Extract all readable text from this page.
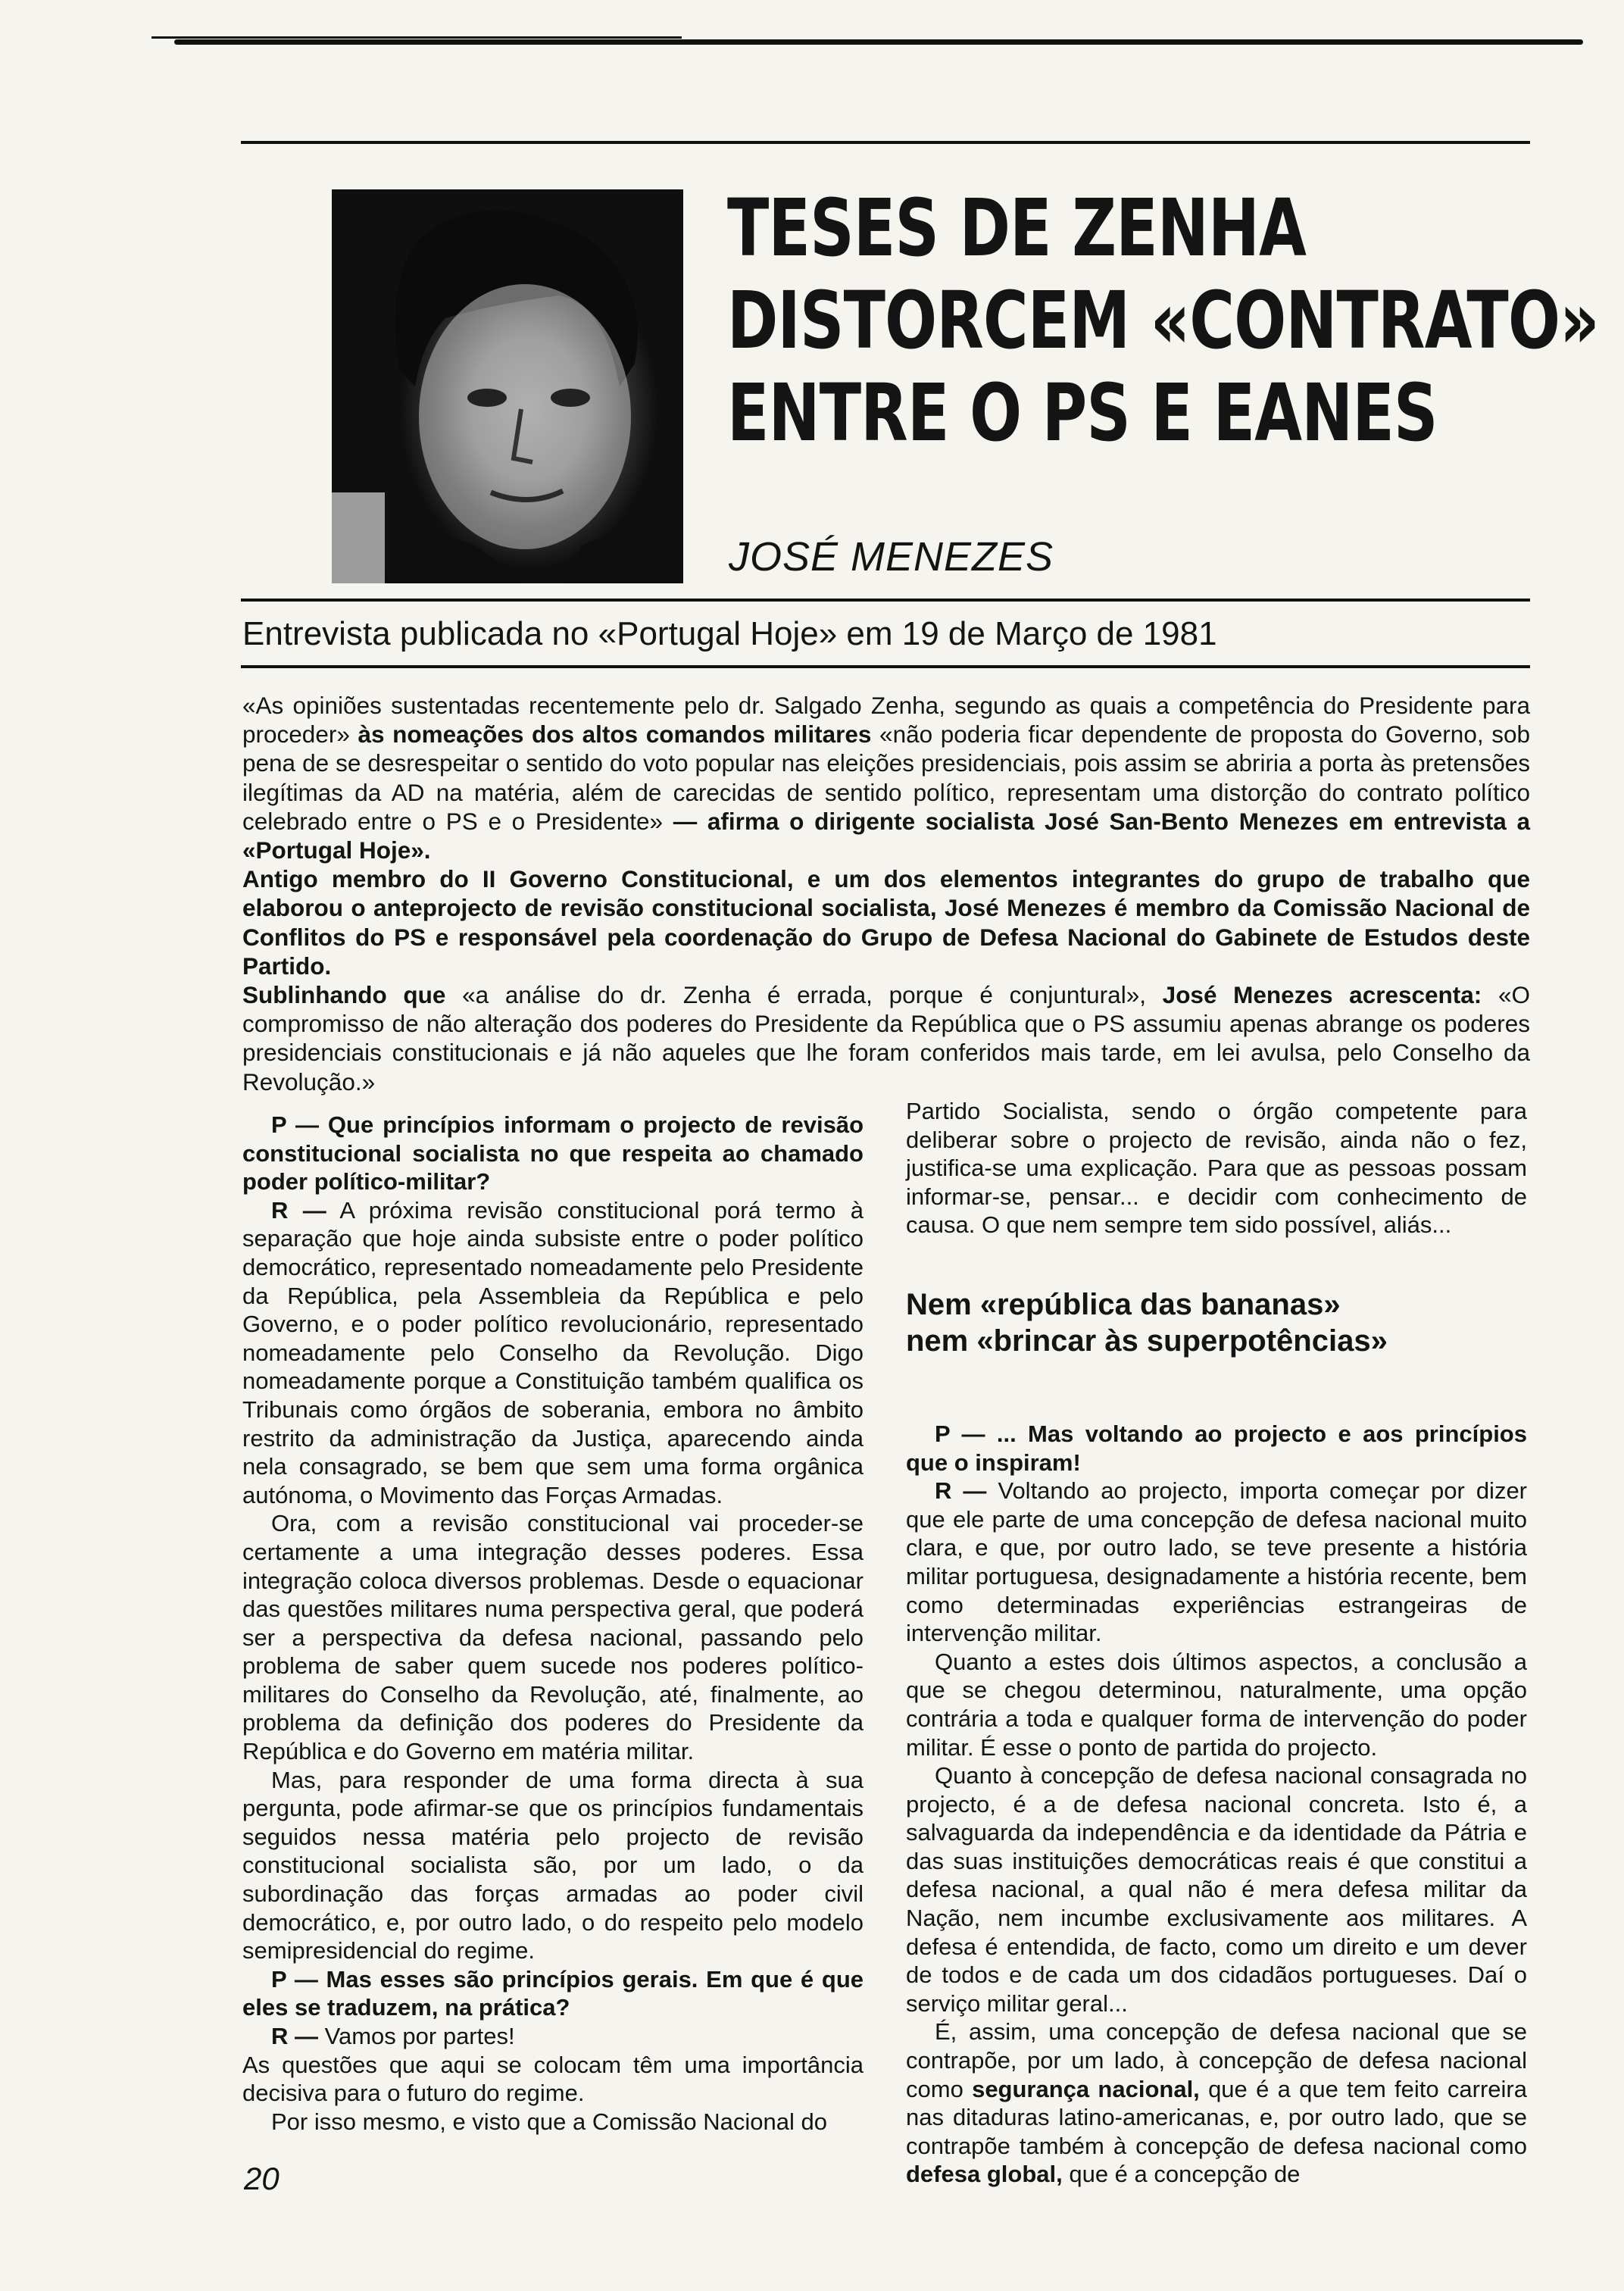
TESES DE ZENHA
DISTORCEM «CONTRATO»
ENTRE O PS E EANES
JOSÉ MENEZES
Entrevista publicada no «Portugal Hoje» em 19 de Março de 1981

«As opiniões sustentadas recentemente pelo dr. Salgado Zenha, segundo as quais a competência do Presidente para proceder» às nomeações dos altos comandos militares «não poderia ficar dependente de proposta do Governo, sob pena de se desrespeitar o sentido do voto popular nas eleições presidenciais, pois assim se abriria a porta às pretensões ilegítimas da AD na matéria, além de carecidas de sentido político, representam uma distorção do contrato político celebrado entre o PS e o Presidente» — afirma o dirigente socialista José San-Bento Menezes em entrevista a «Portugal Hoje».

Antigo membro do II Governo Constitucional, e um dos elementos integrantes do grupo de trabalho que elaborou o anteprojecto de revisão constitucional socialista, José Menezes é membro da Comissão Nacional de Conflitos do PS e responsável pela coordenação do Grupo de Defesa Nacional do Gabinete de Estudos deste Partido.

Sublinhando que «a análise do dr. Zenha é errada, porque é conjuntural», José Menezes acrescenta: «O compromisso de não alteração dos poderes do Presidente da República que o PS assumiu apenas abrange os poderes presidenciais constitucionais e já não aqueles que lhe foram conferidos mais tarde, em lei avulsa, pelo Conselho da Revolução.»

P — Que princípios informam o projecto de revisão constitucional socialista no que respeita ao chamado poder político-militar?

R — A próxima revisão constitucional porá termo à separação que hoje ainda subsiste entre o poder político democrático, representado nomeadamente pelo Presidente da República, pela Assembleia da República e pelo Governo, e o poder político revolucionário, representado nomeadamente pelo Conselho da Revolução. Digo nomeadamente porque a Constituição também qualifica os Tribunais como órgãos de soberania, embora no âmbito restrito da administração da Justiça, aparecendo ainda nela consagrado, se bem que sem uma forma orgânica autónoma, o Movimento das Forças Armadas.

Ora, com a revisão constitucional vai proceder-se certamente a uma integração desses poderes. Essa integração coloca diversos problemas. Desde o equacionar das questões militares numa perspectiva geral, que poderá ser a perspectiva da defesa nacional, passando pelo problema de saber quem sucede nos poderes político-militares do Conselho da Revolução, até, finalmente, ao problema da definição dos poderes do Presidente da República e do Governo em matéria militar.

Mas, para responder de uma forma directa à sua pergunta, pode afirmar-se que os princípios fundamentais seguidos nessa matéria pelo projecto de revisão constitucional socialista são, por um lado, o da subordinação das forças armadas ao poder civil democrático, e, por outro lado, o do respeito pelo modelo semipresidencial do regime.

P — Mas esses são princípios gerais. Em que é que eles se traduzem, na prática?

R — Vamos por partes!

As questões que aqui se colocam têm uma importância decisiva para o futuro do regime.

Por isso mesmo, e visto que a Comissão Nacional do

Partido Socialista, sendo o órgão competente para deliberar sobre o projecto de revisão, ainda não o fez, justifica-se uma explicação. Para que as pessoas possam informar-se, pensar... e decidir com conhecimento de causa. O que nem sempre tem sido possível, aliás...

Nem «república das bananas»
nem «brincar às superpotências»

P — ... Mas voltando ao projecto e aos princípios que o inspiram!

R — Voltando ao projecto, importa começar por dizer que ele parte de uma concepção de defesa nacional muito clara, e que, por outro lado, se teve presente a história militar portuguesa, designadamente a história recente, bem como determinadas experiências estrangeiras de intervenção militar.

Quanto a estes dois últimos aspectos, a conclusão a que se chegou determinou, naturalmente, uma opção contrária a toda e qualquer forma de intervenção do poder militar. É esse o ponto de partida do projecto.

Quanto à concepção de defesa nacional consagrada no projecto, é a de defesa nacional concreta. Isto é, a salvaguarda da independência e da identidade da Pátria e das suas instituições democráticas reais é que constitui a defesa nacional, a qual não é mera defesa militar da Nação, nem incumbe exclusivamente aos militares. A defesa é entendida, de facto, como um direito e um dever de todos e de cada um dos cidadãos portugueses. Daí o serviço militar geral...

É, assim, uma concepção de defesa nacional que se contrapõe, por um lado, à concepção de defesa nacional como segurança nacional, que é a que tem feito carreira nas ditaduras latino-americanas, e, por outro lado, que se contrapõe também à concepção de defesa nacional como defesa global, que é a concepção de

20
